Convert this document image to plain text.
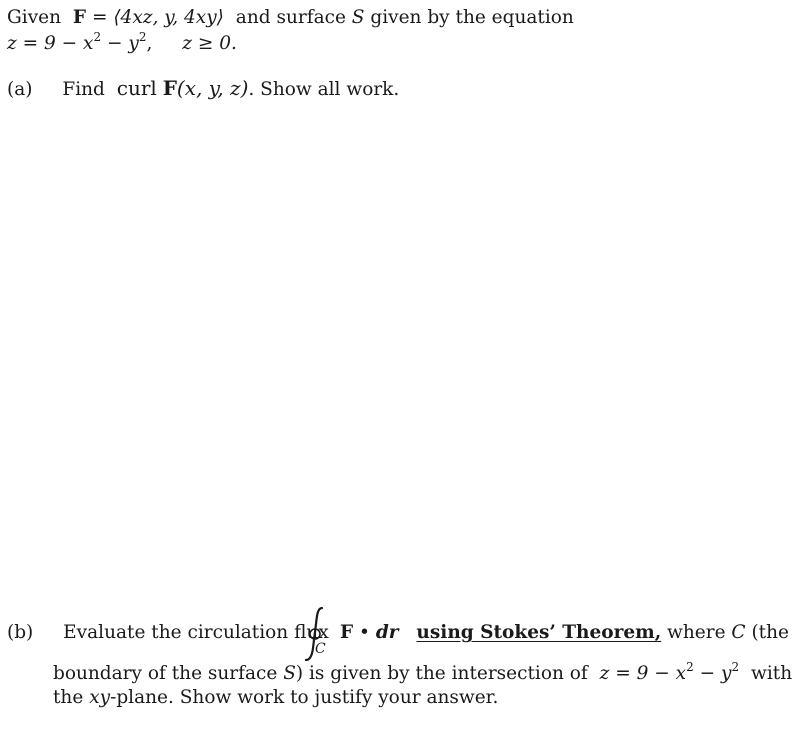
Given F = ⟨4xz, y, 4xy⟩ and surface S given by the equation
$z = 9 - x^2 - y^2$, z ≥ 0.
(a) Find curl F(x, y, z). Show all work.
(b) Evaluate the circulation flux
C
F • dr using Stokes’ Theorem, where C (the
boundary of the surface S) is given by the intersection of $z = 9 - x^2 - y^2$ with
the xy-plane. Show work to justify your answer.
